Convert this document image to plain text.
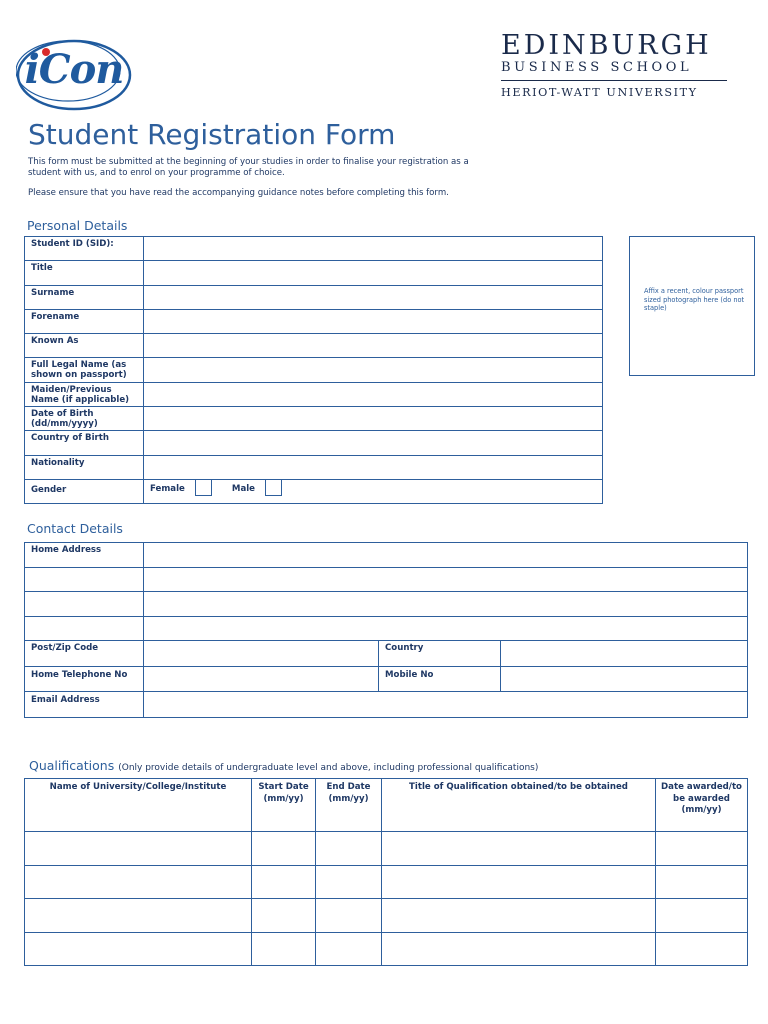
iCon
EDINBURGH
BUSINESS SCHOOL
HERIOT-WATT UNIVERSITY
Student Registration Form
This form must be submitted at the beginning of your studies in order to finalise your registration as a student with us, and to enrol on your programme of choice.
Please ensure that you have read the accompanying guidance notes before completing this form.
Personal Details
Student ID (SID):	
Title	
Surname	
Forename	
Known As	
Full Legal Name (as shown on passport)	
Maiden/Previous Name (if applicable)	
Date of Birth (dd/mm/yyyy)	
Country of Birth	
Nationality	
Gender	Female Male
Affix a recent, colour passport sized photograph here (do not staple)
Contact Details
Home Address			

Post/Zip Code		Country	
Home Telephone No		Mobile No	
Email Address			
Qualifications (Only provide details of undergraduate level and above, including professional qualifications)
Name of University/College/Institute	Start Date (mm/yy)	End Date (mm/yy)	Title of Qualification obtained/to be obtained	Date awarded/to be awarded (mm/yy)
